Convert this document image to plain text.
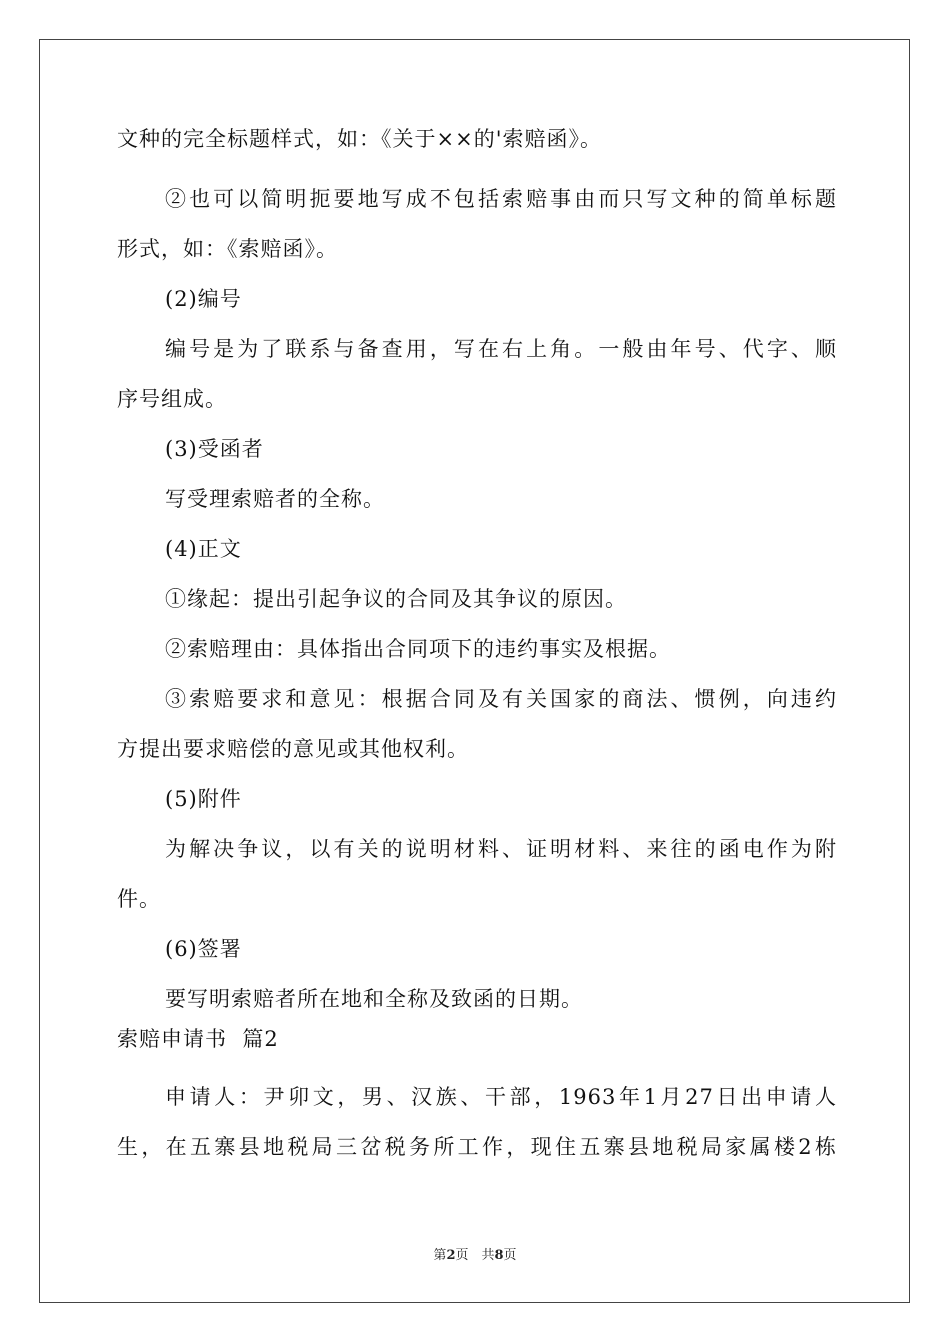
文种的完全标题样式，如：《关于××的'索赔函》。
②也可以简明扼要地写成不包括索赔事由而只写文种的简单标题
形式，如：《索赔函》。
(2)编号
编号是为了联系与备查用，写在右上角。一般由年号、代字、顺
序号组成。
(3)受函者
写受理索赔者的全称。
(4)正文
①缘起：提出引起争议的合同及其争议的原因。
②索赔理由：具体指出合同项下的违约事实及根据。
③索赔要求和意见：根据合同及有关国家的商法、惯例，向违约
方提出要求赔偿的意见或其他权利。
(5)附件
为解决争议，以有关的说明材料、证明材料、来往的函电作为附
件。
(6)签署
要写明索赔者所在地和全称及致函的日期。
索赔申请书  篇2
申请人：尹卯文，男、汉族、干部，1963年1月27日出申请人
生，在五寨县地税局三岔税务所工作，现住五寨县地税局家属楼2栋
第2页　共8页
